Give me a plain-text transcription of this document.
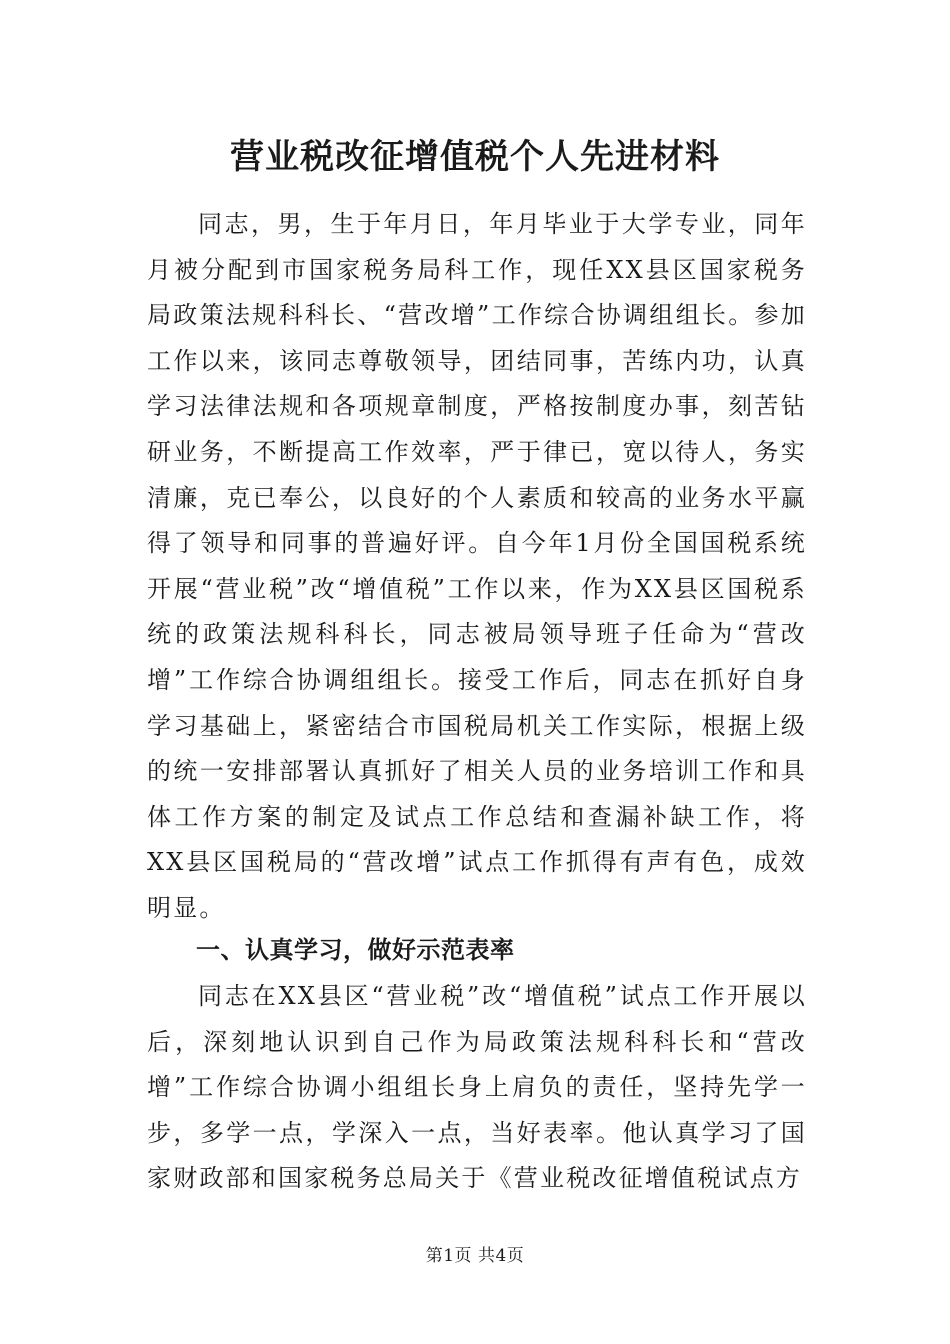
营业税改征增值税个人先进材料

同志，男，生于年月日，年月毕业于大学专业，同年月被分配到市国家税务局科工作，现任XX县区国家税务局政策法规科科长、“营改增”工作综合协调组组长。参加工作以来，该同志尊敬领导，团结同事，苦练内功，认真学习法律法规和各项规章制度，严格按制度办事，刻苦钻研业务，不断提高工作效率，严于律已，宽以待人，务实清廉，克已奉公，以良好的个人素质和较高的业务水平赢得了领导和同事的普遍好评。自今年1月份全国国税系统开展“营业税”改“增值税”工作以来，作为XX县区国税系统的政策法规科科长，同志被局领导班子任命为“营改增”工作综合协调组组长。接受工作后，同志在抓好自身学习基础上，紧密结合市国税局机关工作实际，根据上级的统一安排部署认真抓好了相关人员的业务培训工作和具体工作方案的制定及试点工作总结和查漏补缺工作，将XX县区国税局的“营改增”试点工作抓得有声有色，成效明显。

一、认真学习，做好示范表率

同志在XX县区“营业税”改“增值税”试点工作开展以后，深刻地认识到自己作为局政策法规科科长和“营改增”工作综合协调小组组长身上肩负的责任，坚持先学一步，多学一点，学深入一点，当好表率。他认真学习了国家财政部和国家税务总局关于《营业税改征增值税试点方

第1页 共4页
